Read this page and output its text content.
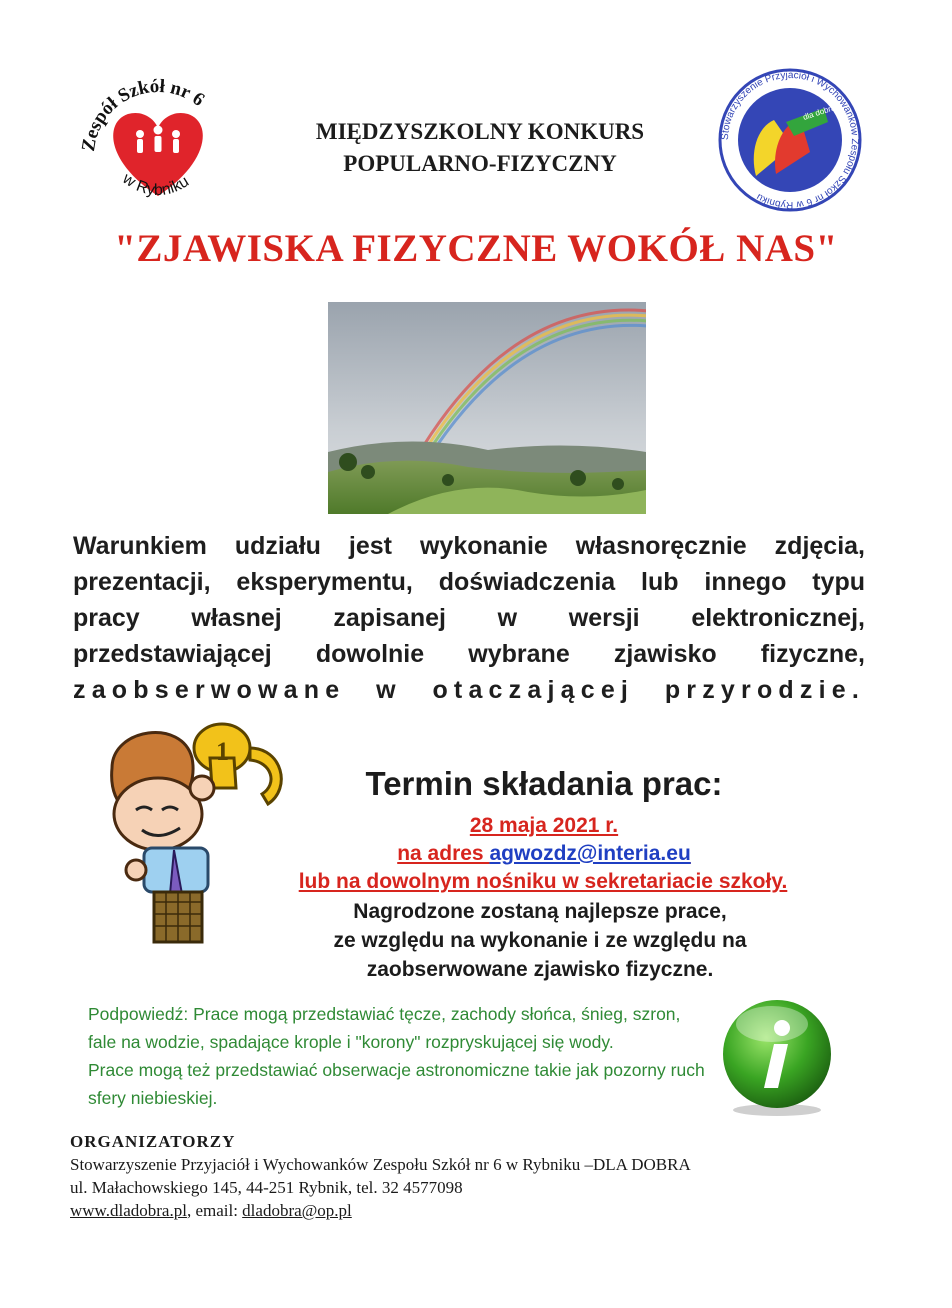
Zespół Szkół nr 6
w Rybniku
MIĘDZYSZKOLNY KONKURS
POPULARNO-FIZYCZNY
dla dobra
Stowarzyszenie Przyjaciół i Wychowanków Zespołu Szkół nr 6 w Rybniku
"ZJAWISKA FIZYCZNE WOKÓŁ NAS"
Warunkiem udziału jest wykonanie własnoręcznie zdjęcia,
prezentacji, eksperymentu, doświadczenia lub innego typu
pracy własnej zapisanej w wersji elektronicznej,
przedstawiającej dowolnie wybrane zjawisko fizyczne,
zaobserwowane w otaczającej przyrodzie.
1
Termin składania prac:
28 maja 2021 r.
na adres agwozdz@interia.eu
lub na dowolnym nośniku w sekretariacie szkoły.
Nagrodzone zostaną najlepsze prace,
ze względu na wykonanie i ze względu na
zaobserwowane zjawisko fizyczne.
Podpowiedź: Prace mogą przedstawiać tęcze, zachody słońca, śnieg, szron,
fale na wodzie, spadające krople i "korony" rozpryskującej się wody.
Prace mogą też przedstawiać obserwacje astronomiczne takie jak pozorny ruch
sfery niebieskiej.
ORGANIZATORZY
Stowarzyszenie Przyjaciół i Wychowanków Zespołu Szkół nr 6 w Rybniku –DLA DOBRA
ul. Małachowskiego 145, 44-251 Rybnik, tel. 32 4577098
www.dladobra.pl, email: dladobra@op.pl
